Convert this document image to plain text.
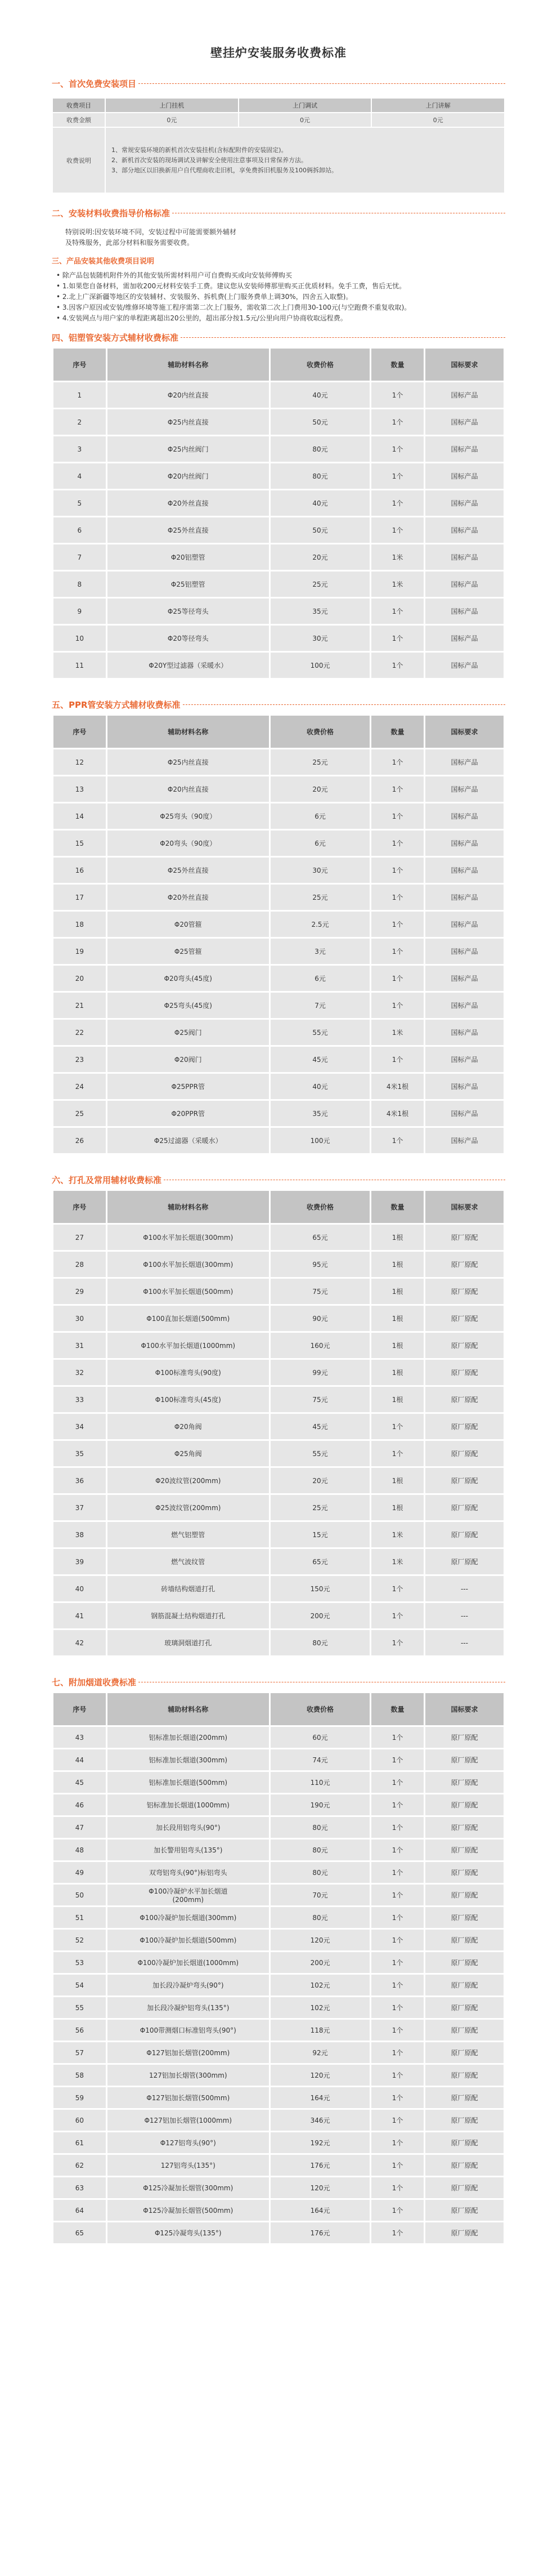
壁挂炉安装服务收费标准
一、首次免费安装项目
收费项目	上门挂机	上门调试	上门讲解
收费金额	0元	0元	0元
收费说明	1、常规安装环境的新机首次安装挂机(含标配附件的安装固定)。

2、新机首次安装的现场调试及讲解安全使用注意事项及日常保养方法。

3、部分地区以旧换新用户自代理商收走旧机，享免费拆旧机服务及100俩拆卸站。		

二、安装材料收费指导价格标准

特别说明:因安装环境不同，安装过程中可能需要额外辅材

及特殊服务，此部分材料和服务需要收费。

三、产品安装其他收费项目说明

• 除产品包装随机附件外的其他安装所需材料用户可自费购买或向安装师傅购买

• 1.如果您自备材料，需加收200元材料安装手工费。建议您从安装师傅那里购买正优质材料。免手工费，售后无忧。

• 2.北上广深新疆等地区的安装辅材、安装服务、拆机费(上门服务费单上调30%，四舍五入取整)。

• 3.因客户原因或安装/维修环境等施工程序需第二次上门服务，需收第二次上门费用30-100元(与空跑费不重复收取)。

• 4.安装网点与用户家的单程距离超出20公里的，超出部分按1.5元/公里向用户协商收取远程费。

四、铝塑管安装方式辅材收费标准
序号	辅助材料名称	收费价格	数量	国标要求
1	Φ20内丝直接	40元	1个	国标产品
2	Φ25内丝直接	50元	1个	国标产品
3	Φ25内丝阀门	80元	1个	国标产品
4	Φ20内丝阀门	80元	1个	国标产品
5	Φ20外丝直接	40元	1个	国标产品
6	Φ25外丝直接	50元	1个	国标产品
7	Φ20铝塑管	20元	1米	国标产品
8	Φ25铝塑管	25元	1米	国标产品
9	Φ25等径弯头	35元	1个	国标产品
10	Φ20等径弯头	30元	1个	国标产品
11	Φ20Y型过滤器（采暖水）	100元	1个	国标产品
五、PPR管安装方式辅材收费标准
序号	辅助材料名称	收费价格	数量	国标要求
12	Φ25内丝直接	25元	1个	国标产品
13	Φ20内丝直接	20元	1个	国标产品
14	Φ25弯头（90度）	6元	1个	国标产品
15	Φ20弯头（90度）	6元	1个	国标产品
16	Φ25外丝直接	30元	1个	国标产品
17	Φ20外丝直接	25元	1个	国标产品
18	Φ20管箍	2.5元	1个	国标产品
19	Φ25管箍	3元	1个	国标产品
20	Φ20弯头(45度)	6元	1个	国标产品
21	Φ25弯头(45度)	7元	1个	国标产品
22	Φ25阀门	55元	1米	国标产品
23	Φ20阀门	45元	1个	国标产品
24	Φ25PPR管	40元	4米1根	国标产品
25	Φ20PPR管	35元	4米1根	国标产品
26	Φ25过滤器（采暖水）	100元	1个	国标产品
六、打孔及常用辅材收费标准
序号	辅助材料名称	收费价格	数量	国标要求
27	Φ100水平加长烟道(300mm)	65元	1根	原厂原配
28	Φ100水平加长烟道(300mm)	95元	1根	原厂原配
29	Φ100水平加长烟道(500mm)	75元	1根	原厂原配
30	Φ100直加长烟道(500mm)	90元	1根	原厂原配
31	Φ100水平加长烟道(1000mm)	160元	1根	原厂原配
32	Φ100标准弯头(90度)	99元	1根	原厂原配
33	Φ100标准弯头(45度)	75元	1根	原厂原配
34	Φ20角阀	45元	1个	原厂原配
35	Φ25角阀	55元	1个	原厂原配
36	Φ20波纹管(200mm)	20元	1根	原厂原配
37	Φ25波纹管(200mm)	25元	1根	原厂原配
38	燃气铝塑管	15元	1米	原厂原配
39	燃气波纹管	65元	1米	原厂原配
40	砖墙结构烟道打孔	150元	1个	---
41	钢筋混凝土结构烟道打孔	200元	1个	---
42	玻璃洞烟道打孔	80元	1个	---
七、附加烟道收费标准
序号	辅助材料名称	收费价格	数量	国标要求
43	铝标准加长烟道(200mm)	60元	1个	原厂原配
44	铝标准加长烟道(300mm)	74元	1个	原厂原配
45	铝标准加长烟道(500mm)	110元	1个	原厂原配
46	铝标准加长烟道(1000mm)	190元	1个	原厂原配
47	加长段用铝弯头(90°)	80元	1个	原厂原配
48	加长警用铝弯头(135°)	80元	1个	原厂原配
49	双弯铝弯头(90°)标铝弯头	80元	1个	原厂原配
50	Φ100冷凝炉水平加长烟道
(200mm)	70元	1个	原厂原配
51	Φ100冷凝炉加长烟道(300mm)	80元	1个	原厂原配
52	Φ100冷凝炉加长烟道(500mm)	120元	1个	原厂原配
53	Φ100冷凝炉加长烟道(1000mm)	200元	1个	原厂原配
54	加长段冷凝炉弯头(90°)	102元	1个	原厂原配
55	加长段冷凝炉铝弯头(135°)	102元	1个	原厂原配
56	Φ100带测烟口标准铝弯头(90°)	118元	1个	原厂原配
57	Φ127铝加长烟管(200mm)	92元	1个	原厂原配
58	127铝加长烟管(300mm)	120元	1个	原厂原配
59	Φ127铝加长烟管(500mm)	164元	1个	原厂原配
60	Φ127铝加长烟管(1000mm)	346元	1个	原厂原配
61	Φ127铝弯头(90°)	192元	1个	原厂原配
62	127铝弯头(135°)	176元	1个	原厂原配
63	Φ125冷凝加长烟管(300mm)	120元	1个	原厂原配
64	Φ125冷凝加长烟管(500mm)	164元	1个	原厂原配
65	Φ125冷凝弯头(135°)	176元	1个	原厂原配
